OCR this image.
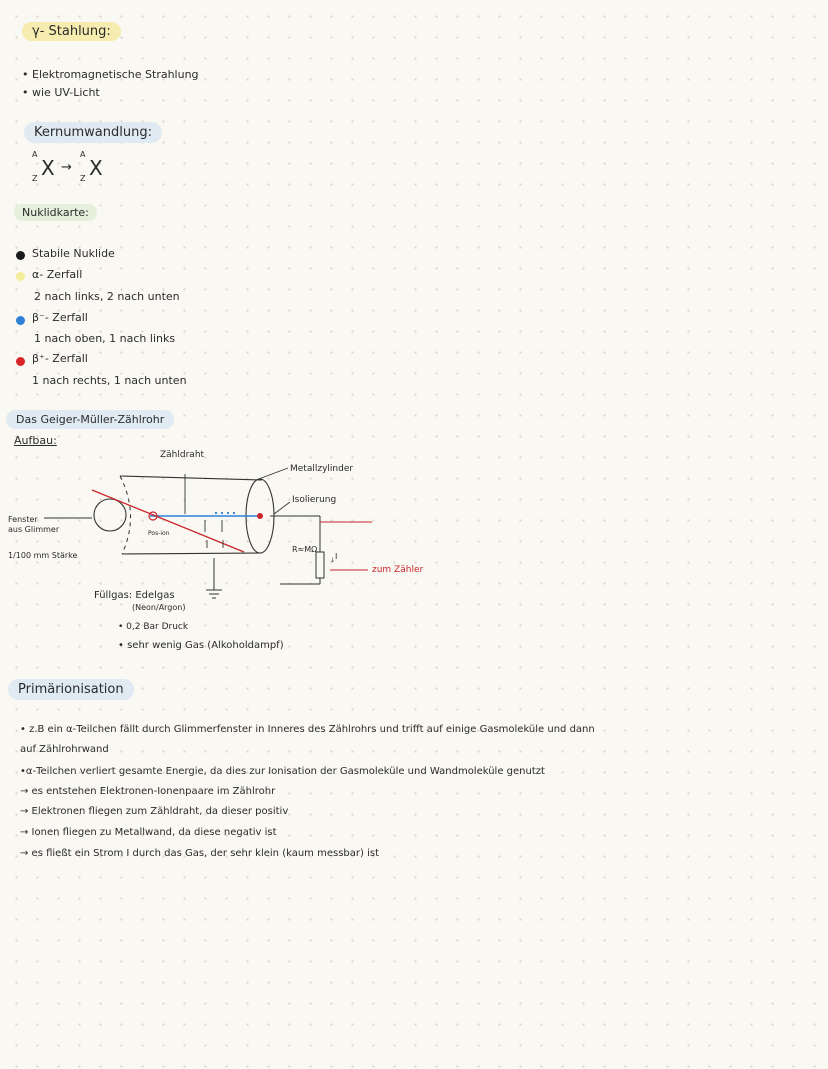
γ- Stahlung:
• Elektromagnetische Strahlung
• wie UV-Licht
Kernumwandlung:
A
Z X →
A
Z X
Nuklidkarte:
Stabile Nuklide
α- Zerfall
2 nach links, 2 nach unten
β⁻- Zerfall
1 nach oben, 1 nach links
β⁺- Zerfall
1 nach rechts, 1 nach unten
Das Geiger-Müller-Zählrohr
Aufbau:
↓
Zähldraht
Metallzylinder
Isolierung
Fenster
aus Glimmer
1/100 mm Stärke
Pos-ion
R≈MΩ
I
zum Zähler
Füllgas: Edelgas
(Neon/Argon)
• 0,2 Bar Druck
• sehr wenig Gas (Alkoholdampf)
Primärionisation
• z.B ein α-Teilchen fällt durch Glimmerfenster in Inneres des Zählrohrs und trifft auf einige Gasmoleküle und dann
auf Zählrohrwand
•α-Teilchen verliert gesamte Energie, da dies zur Ionisation der Gasmoleküle und Wandmoleküle genutzt
→ es entstehen Elektronen-Ionenpaare im Zählrohr
→ Elektronen fliegen zum Zähldraht, da dieser positiv
→ Ionen fliegen zu Metallwand, da diese negativ ist
→ es fließt ein Strom I durch das Gas, der sehr klein (kaum messbar) ist
